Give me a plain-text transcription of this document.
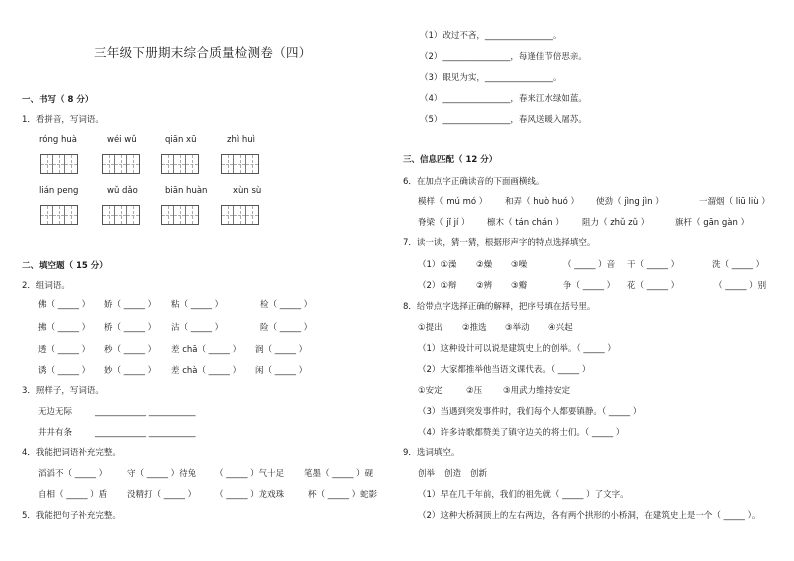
三年级下册期末综合质量检测卷（四）
一、书写（ 8 分）
1．看拼音，写词语。
róng huà	wéi wǔ	qiān xū	zhì huì
lián peng	wǔ dǎo	biān huàn	xùn sù
二、填空题（ 15 分）
2．组词语。
佛（ _____ ） 娇（ _____ ） 粘（ _____ ）	检（ _____ ）
拂（ _____ ） 桥（ _____ ） 沾（ _____ ）	险（ _____ ）
透（ _____ ） 秒（ _____ ） 差 chā（ _____ ） 润（ _____ ）
诱（ _____ ） 妙（ _____ ） 差 chà（ _____ ） 闲（ _____ ）
3．照样子，写词语。
无边无际	____________ ___________
井井有条	____________ ___________
4．我能把词语补充完整。
滔滔不（ _____ ） 守（ _____ ）待兔 （ _____ ）气十足 笔墨（ _____ ）砚
自相（ _____ ）盾 没精打（ _____ ） （ _____ ）龙戏珠	杯（ _____ ）蛇影
5．我能把句子补充完整。
（1）改过不吝，________________。
（2）________________，每逢佳节倍思亲。
（3）眼见为实，________________。
（4）________________，春来江水绿如蓝。
（5）________________，春风送暖入屠苏。
三、信息匹配（ 12 分）
6．在加点字正确读音的下面画横线。
模样（ mú mó ） 和弄（ huò huó ） 使劲（ jìng jìn ）	一溜烟（ liū liù ）
脊梁（ jǐ jí ） 檩木（ tán chán ） 阻力（ zhǔ zǔ ）	旗杆（ gān gàn ）
7．读一读，猜一猜，根据形声字的特点选择填空。
（1）①澡 ②燥 ③噪	（ _____ ）音 干（ _____ ）	洗（ _____ ）
（2）①辩 ②辨 ③瓣	争（ _____ ） 花（ _____ ）	（ _____ ）别
8．给带点字选择正确的解释，把序号填在括号里。
①提出 ②推选 ③举动 ④兴起
（1）这种设计可以说是建筑史上的创举。（ _____ ）
（2）大家都推举他当语文课代表。（ _____ ）
①安定	②压 ③用武力维持安定
（3）当遇到突发事件时，我们每个人都要镇静。（ _____ ）
（4）许多诗歌都赞美了镇守边关的将士们。（ _____ ）
9．选词填空。
创举 创造 创新
（1）早在几千年前，我们的祖先就（ _____ ）了文字。
（2）这种大桥洞顶上的左右两边，各有两个拱形的小桥洞，在建筑史上是一个（ _____ ）。
